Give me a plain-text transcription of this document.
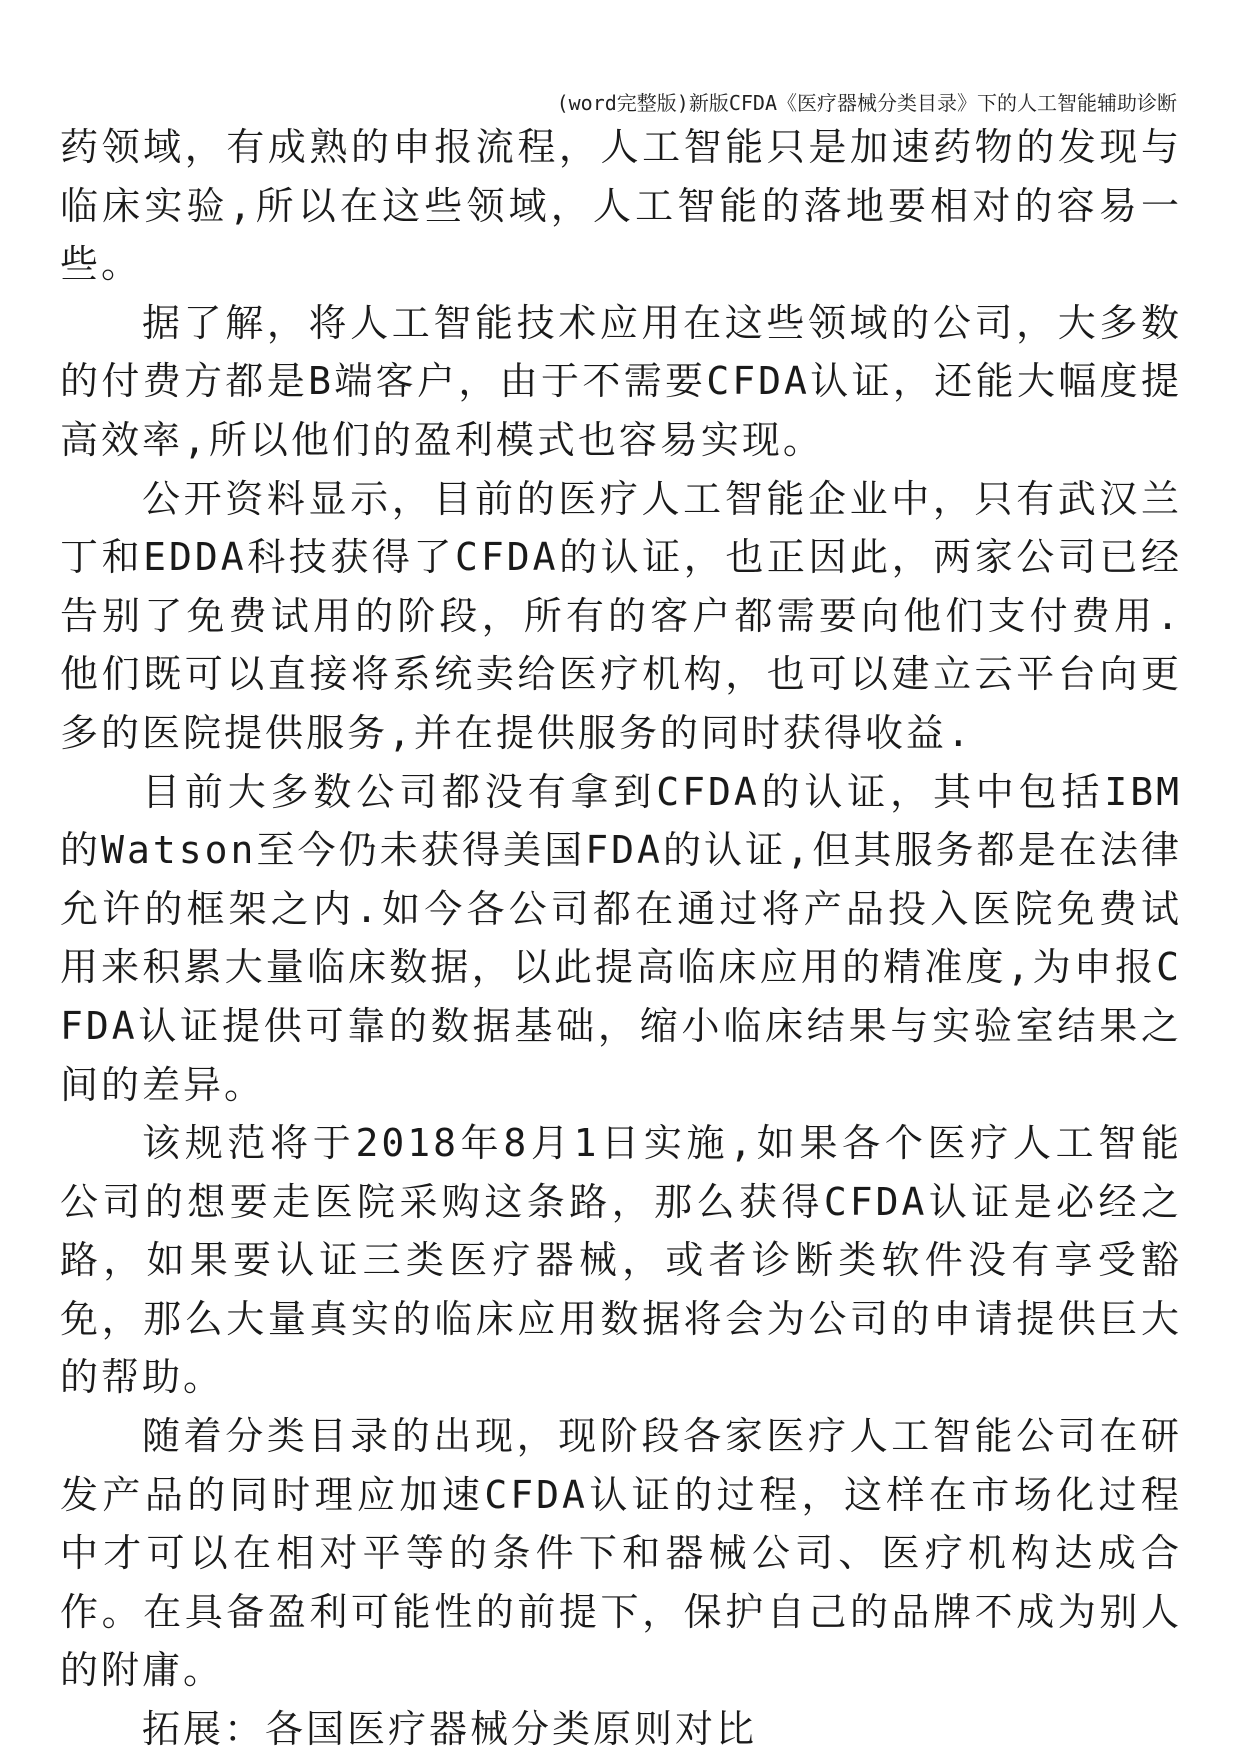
(word完整版)新版CFDA《医疗器械分类目录》下的人工智能辅助诊断

药领域，有成熟的申报流程，人工智能只是加速药物的发现与临床实验,所以在这些领域，人工智能的落地要相对的容易一些。

据了解，将人工智能技术应用在这些领域的公司，大多数的付费方都是B端客户，由于不需要CFDA认证，还能大幅度提高效率,所以他们的盈利模式也容易实现。

公开资料显示，目前的医疗人工智能企业中，只有武汉兰丁和EDDA科技获得了CFDA的认证，也正因此，两家公司已经告别了免费试用的阶段，所有的客户都需要向他们支付费用.他们既可以直接将系统卖给医疗机构，也可以建立云平台向更多的医院提供服务,并在提供服务的同时获得收益.

目前大多数公司都没有拿到CFDA的认证，其中包括IBM的Watson至今仍未获得美国FDA的认证,但其服务都是在法律允许的框架之内.如今各公司都在通过将产品投入医院免费试用来积累大量临床数据，以此提高临床应用的精准度,为申报CFDA认证提供可靠的数据基础，缩小临床结果与实验室结果之间的差异。

该规范将于2018年8月1日实施,如果各个医疗人工智能公司的想要走医院采购这条路，那么获得CFDA认证是必经之路，如果要认证三类医疗器械，或者诊断类软件没有享受豁免，那么大量真实的临床应用数据将会为公司的申请提供巨大的帮助。

随着分类目录的出现，现阶段各家医疗人工智能公司在研发产品的同时理应加速CFDA认证的过程，这样在市场化过程中才可以在相对平等的条件下和器械公司、医疗机构达成合作。在具备盈利可能性的前提下，保护自己的品牌不成为别人的附庸。

拓展：各国医疗器械分类原则对比
